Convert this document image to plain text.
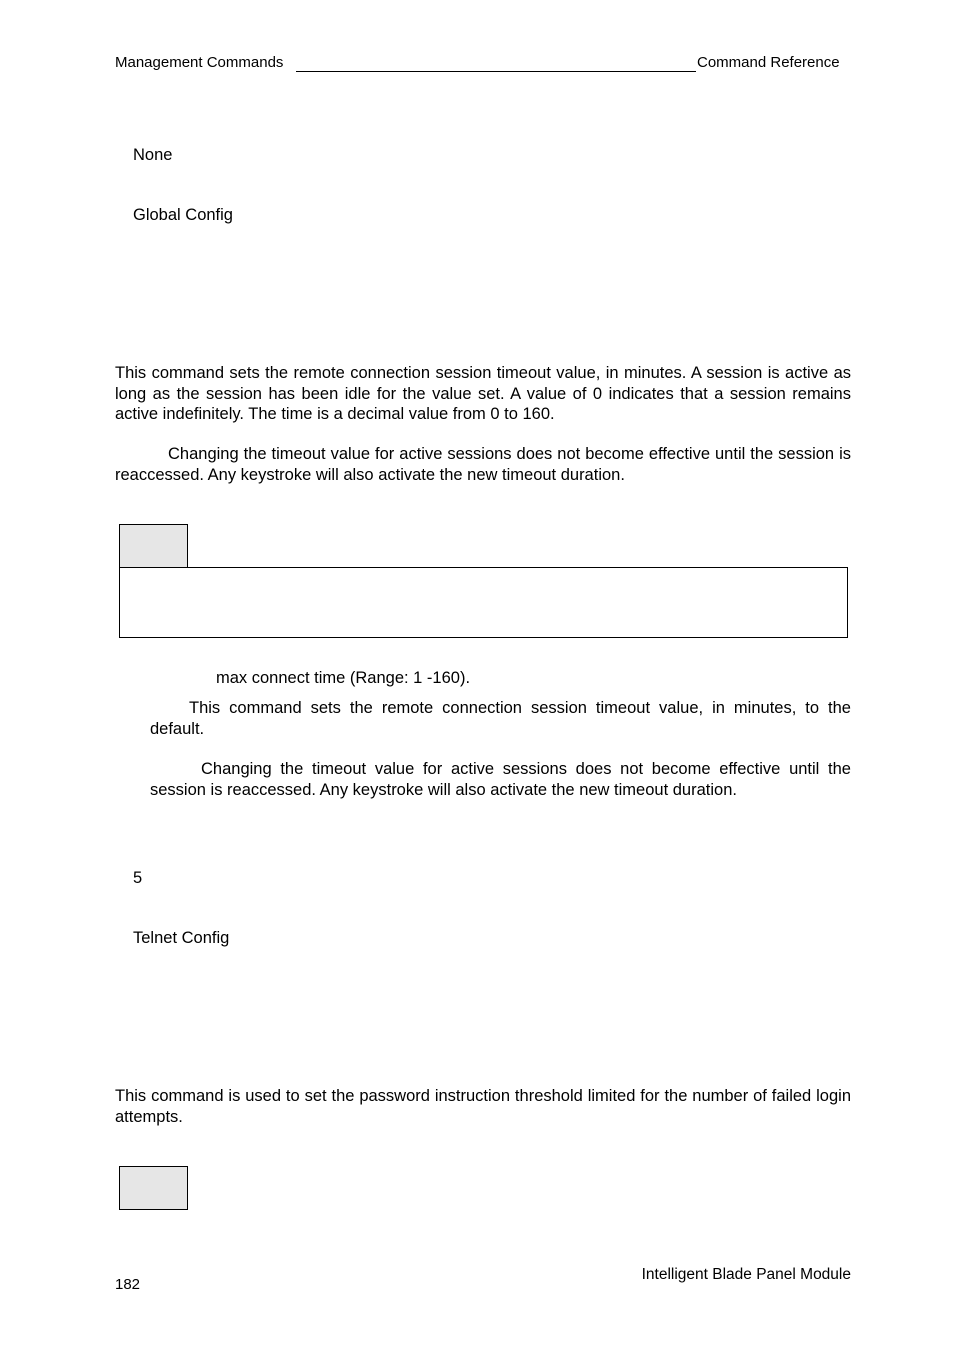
Management Commands	Command Reference
None
Global Config
This command sets the remote connection session timeout value, in minutes. A session is active as long as the session has been idle for the value set. A value of 0 indicates that a session remains active indefinitely. The time is a decimal value from 0 to 160.
Changing the timeout value for active sessions does not become effective until the session is reaccessed. Any keystroke will also activate the new timeout duration.
max connect time (Range: 1 -160).
This command sets the remote connection session timeout value, in minutes, to the default.
Changing the timeout value for active sessions does not become effective until the session is reaccessed. Any keystroke will also activate the new timeout duration.
5
Telnet Config
This command is used to set the password instruction threshold limited for the number of failed login attempts.
182
Intelligent Blade Panel Module
